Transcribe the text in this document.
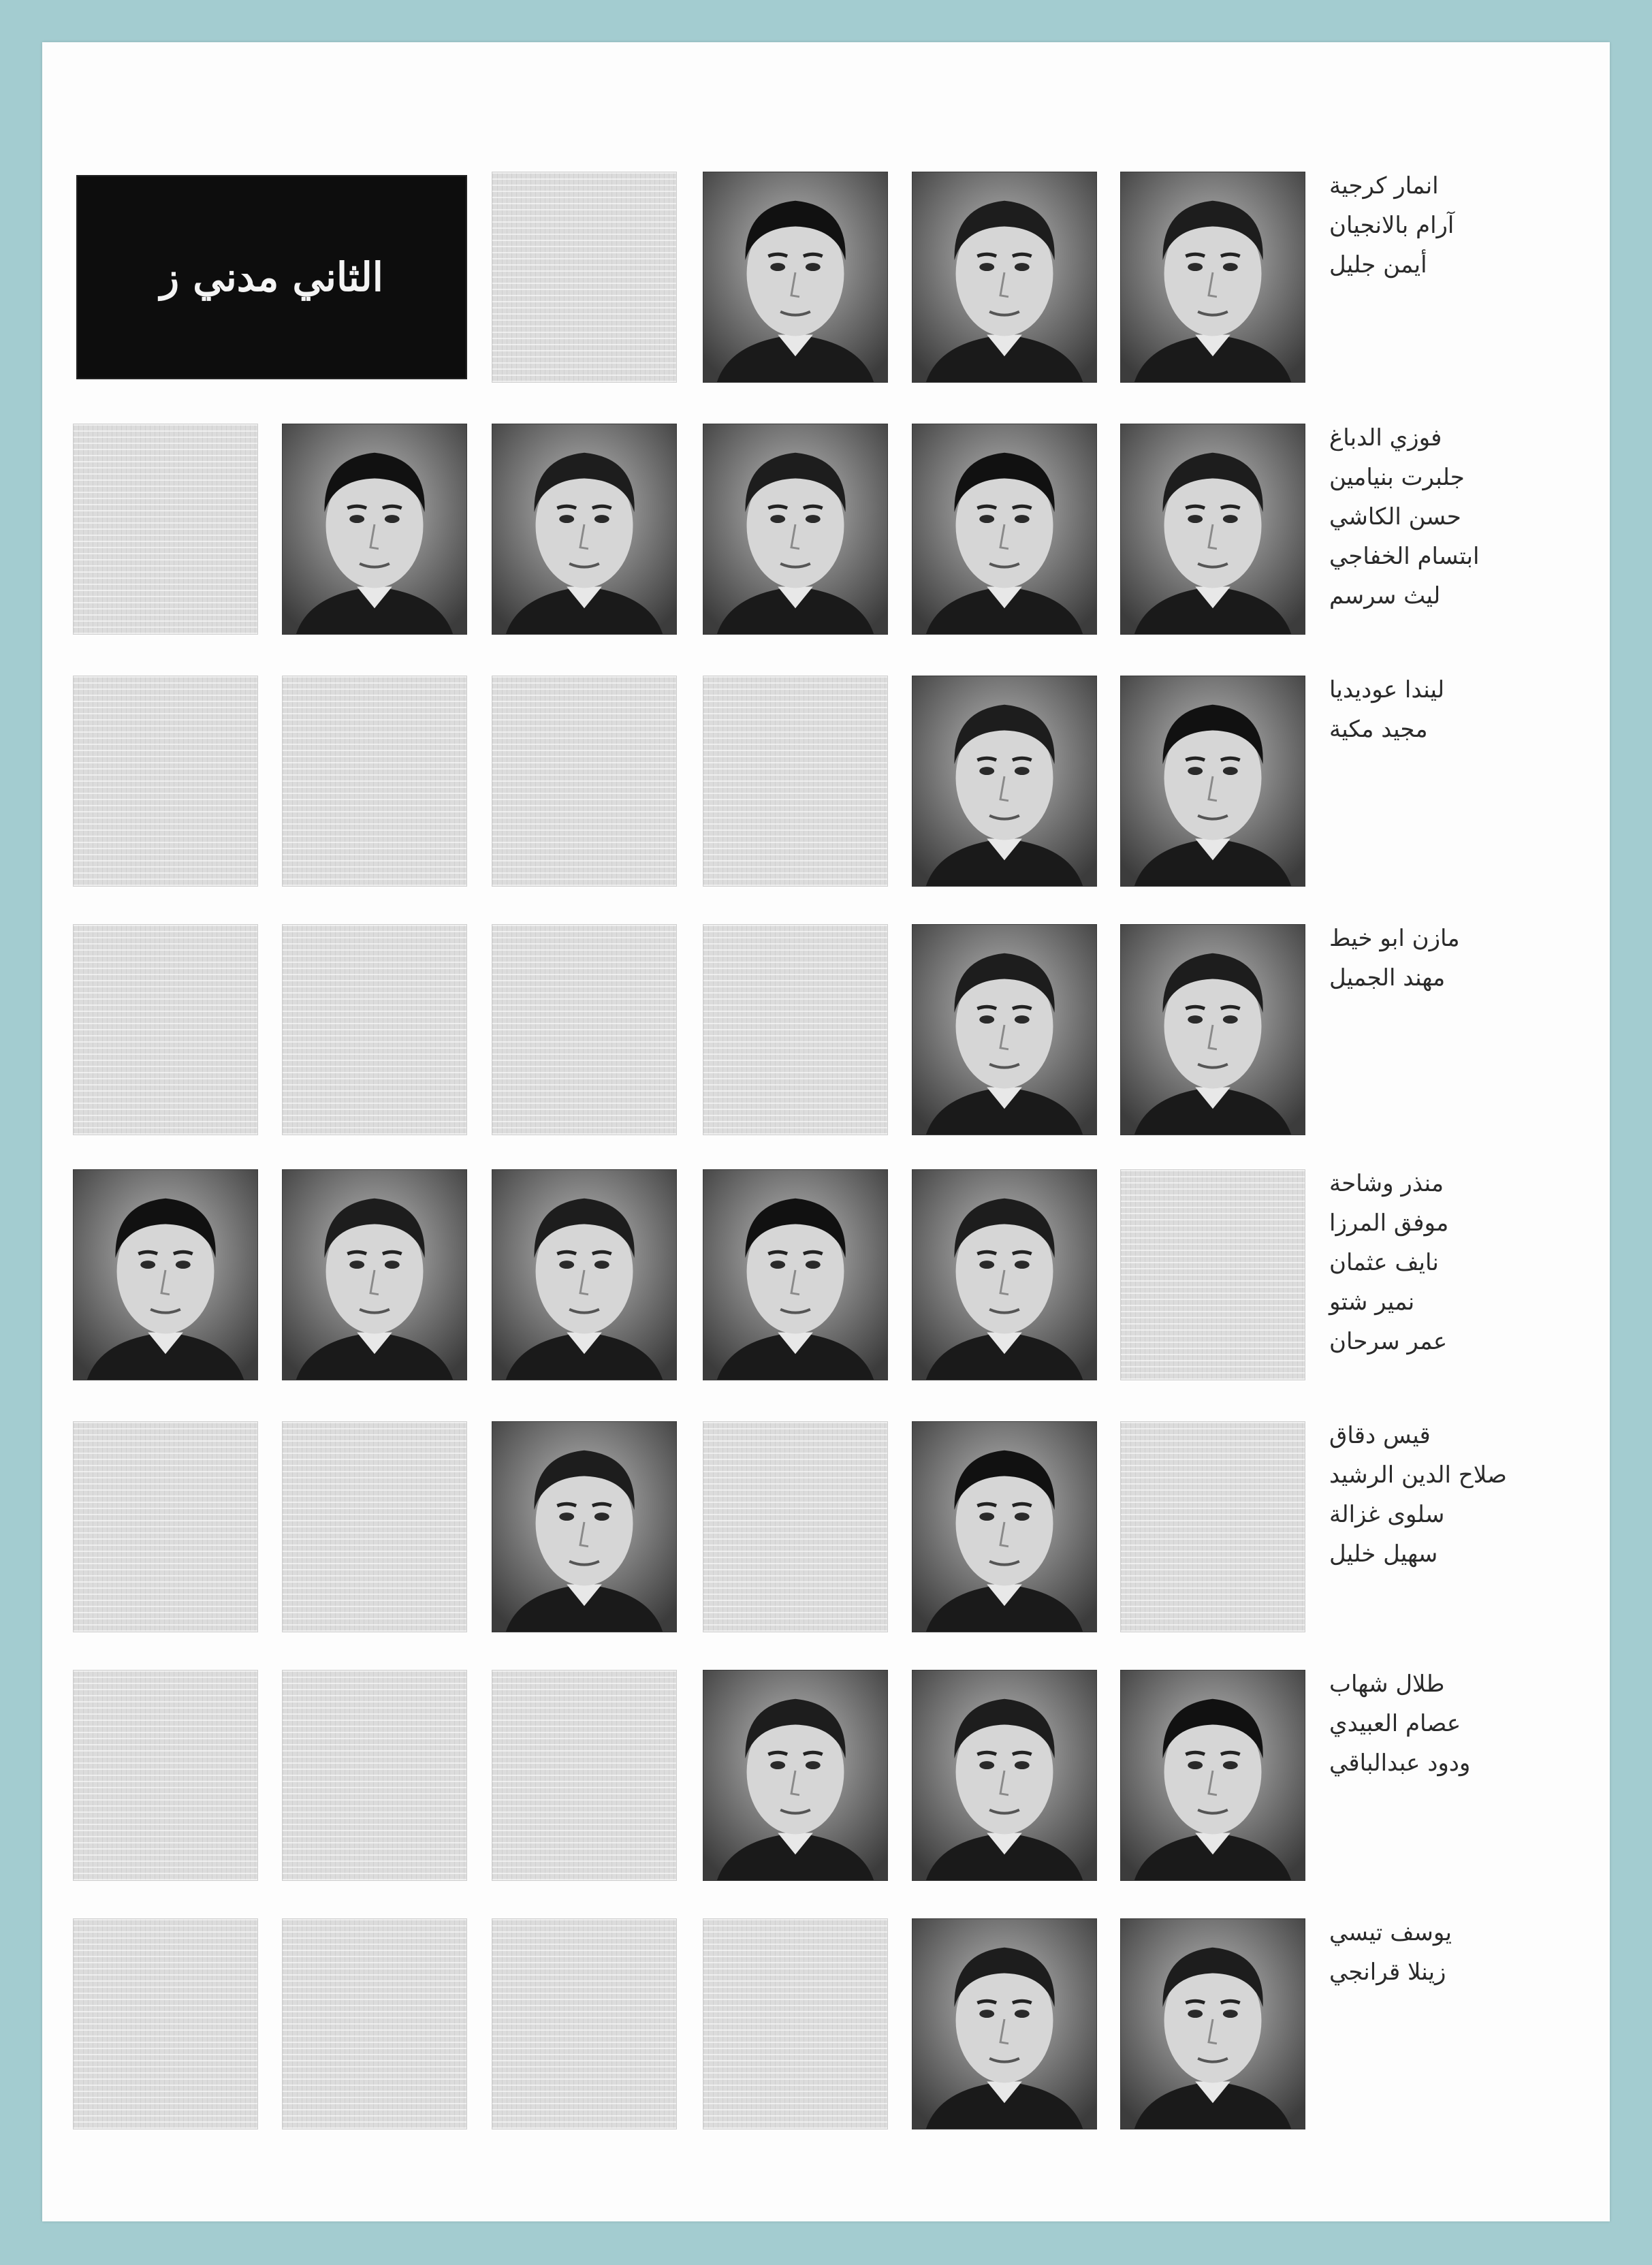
الثاني مدني ز
انمار كرجية
آرام بالانجيان
أيمن جليل
فوزي الدباغ
جلبرت بنيامين
حسن الكاشي
ابتسام الخفاجي
ليث سرسم
ليندا عوديديا
مجيد مكية
مازن ابو خيط
مهند الجميل
منذر وشاحة
موفق المرزا
نايف عثمان
نمير شتو
عمر سرحان
قيس دقاق
صلاح الدين الرشيد
سلوى غزالة
سهيل خليل
طلال شهاب
عصام العبيدي
ودود عبدالباقي
يوسف تيسي
زينلا قرانجي
